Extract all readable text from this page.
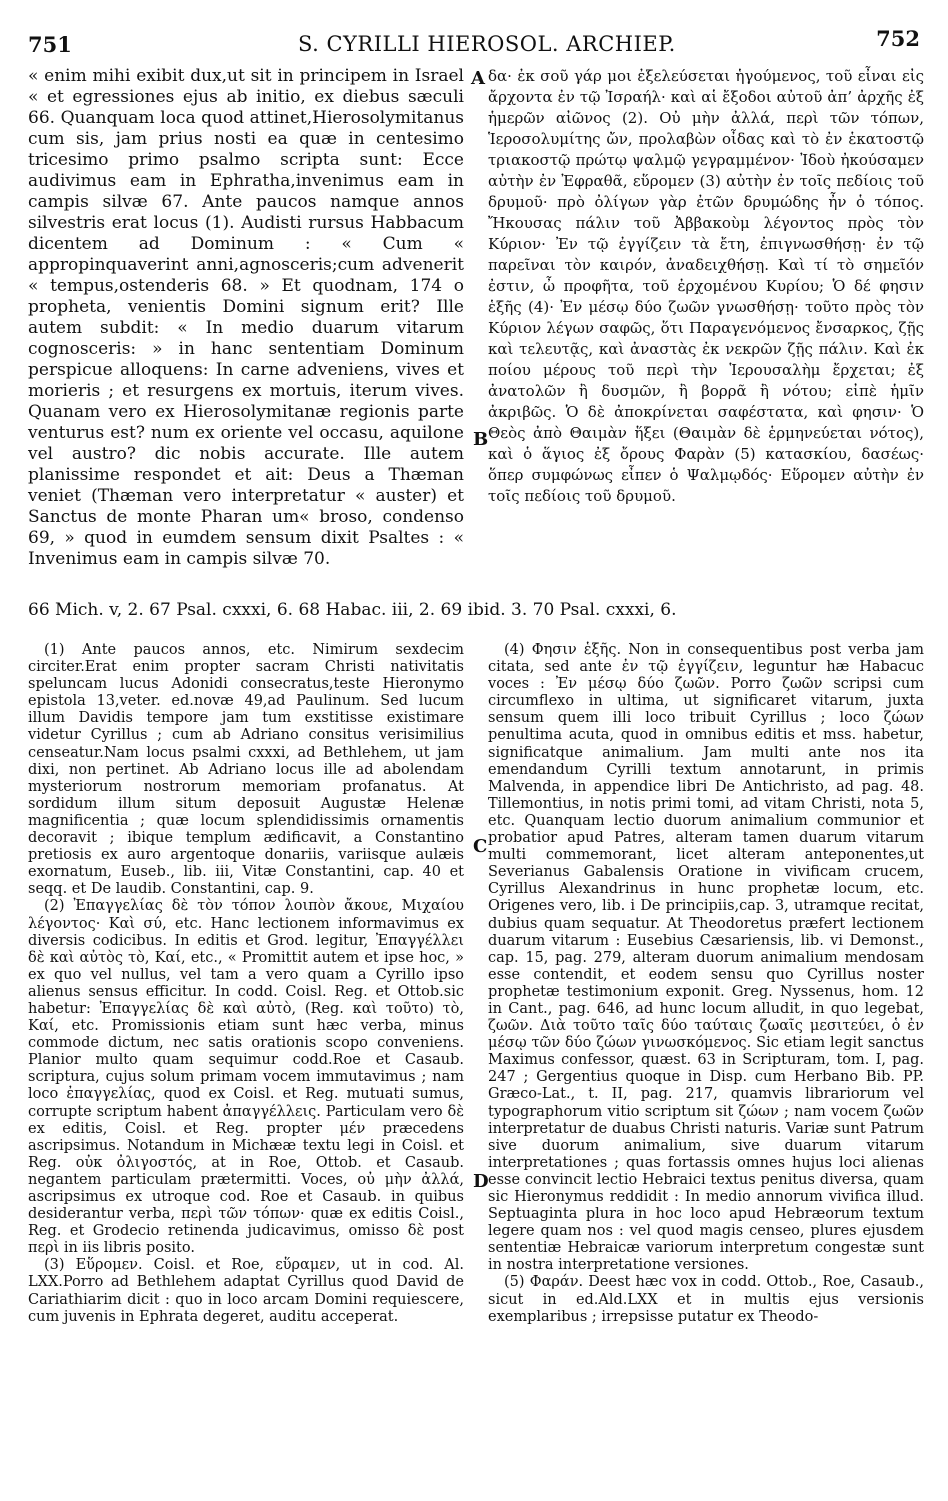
751	S. CYRILLI HIEROSOL. ARCHIEP.	752

« enim mihi exibit dux,ut sit in principem in Israel « et egressiones ejus ab initio, ex diebus sæculi 66. Quanquam loca quod attinet,Hierosolymitanus cum sis, jam prius nosti ea quæ in centesimo tricesimo primo psalmo scripta sunt: Ecce audivimus eam in Ephratha,invenimus eam in campis silvæ 67. Ante paucos namque annos silvestris erat locus (1). Audisti rursus Habbacum dicentem ad Dominum : « Cum « appropinquaverint anni,agnosceris;cum advenerit « tempus,ostenderis 68. » Et quodnam, 174 o propheta, venientis Domini signum erit? Ille autem subdit: « In medio duarum vitarum cognosceris: » in hanc sententiam Dominum perspicue alloquens: In carne adveniens, vives et morieris ; et resurgens ex mortuis, iterum vives. Quanam vero ex Hierosolymitanæ regionis parte venturus est? num ex oriente vel occasu, aquilone vel austro? dic nobis accurate. Ille autem planissime respondet et ait: Deus a Thæman veniet (Thæman vero interpretatur « auster) et Sanctus de monte Pharan um« broso, condenso 69, » quod in eumdem sensum dixit Psaltes : « Invenimus eam in campis silvæ 70.

A
B

δα· ἐκ σοῦ γάρ μοι ἐξελεύσεται ἡγούμενος, τοῦ εἶναι εἰς ἄρχοντα ἐν τῷ Ἰσραήλ· καὶ αἱ ἔξοδοι αὐτοῦ ἀπ’ ἀρχῆς ἐξ ἡμερῶν αἰῶνος (2). Οὐ μὴν ἀλλά, περὶ τῶν τόπων, Ἱεροσολυμίτης ὤν, προλαβὼν οἶδας καὶ τὸ ἐν ἑκατοστῷ τριακοστῷ πρώτῳ ψαλμῷ γεγραμμένον· Ἰδοὺ ἠκούσαμεν αὐτὴν ἐν Ἐφραθᾶ, εὕρομεν (3) αὐτὴν ἐν τοῖς πεδίοις τοῦ δρυμοῦ· πρὸ ὀλίγων γὰρ ἐτῶν δρυμώδης ἦν ὁ τόπος. Ἤκουσας πάλιν τοῦ Ἀββακοὺμ λέγοντος πρὸς τὸν Κύριον· Ἐν τῷ ἐγγίζειν τὰ ἔτη, ἐπιγνωσθήσῃ· ἐν τῷ παρεῖναι τὸν καιρόν, ἀναδειχθήσῃ. Καὶ τί τὸ σημεῖόν ἐστιν, ὦ προφῆτα, τοῦ ἐρχομένου Κυρίου; Ὁ δέ φησιν ἑξῆς (4)· Ἐν μέσῳ δύο ζωῶν γνωσθήσῃ· τοῦτο πρὸς τὸν Κύριον λέγων σαφῶς, ὅτι Παραγενόμενος ἔνσαρκος, ζῇς καὶ τελευτᾷς, καὶ ἀναστὰς ἐκ νεκρῶν ζῇς πάλιν. Καὶ ἐκ ποίου μέρους τοῦ περὶ τὴν Ἱερουσαλὴμ ἔρχεται; ἐξ ἀνατολῶν ἢ δυσμῶν, ἢ βορρᾶ ἢ νότου; εἰπὲ ἡμῖν ἀκριβῶς. Ὁ δὲ ἀποκρίνεται σαφέστατα, καὶ φησιν· Ὁ Θεὸς ἀπὸ Θαιμὰν ἥξει (Θαιμὰν δὲ ἑρμηνεύεται νότος), καὶ ὁ ἅγιος ἐξ ὄρους Φαρὰν (5) κατασκίου, δασέως· ὅπερ συμφώνως εἶπεν ὁ Ψαλμῳδός· Εὕρομεν αὐτὴν ἐν τοῖς πεδίοις τοῦ δρυμοῦ.

66 Mich. v, 2. 67 Psal. cxxxi, 6. 68 Habac. iii, 2. 69 ibid. 3. 70 Psal. cxxxi, 6.

(1) Ante paucos annos, etc. Nimirum sexdecim circiter.Erat enim propter sacram Christi nativitatis speluncam lucus Adonidi consecratus,teste Hieronymo epistola 13,veter. ed.novæ 49,ad Paulinum. Sed lucum illum Davidis tempore jam tum exstitisse existimare videtur Cyrillus ; cum ab Adriano consitus verisimilius censeatur.Nam locus psalmi cxxxi, ad Bethlehem, ut jam dixi, non pertinet. Ab Adriano locus ille ad abolendam mysteriorum nostrorum memoriam profanatus. At sordidum illum situm deposuit Augustæ Helenæ magnificentia ; quæ locum splendidissimis ornamentis decoravit ; ibique templum ædificavit, a Constantino pretiosis ex auro argentoque donariis, variisque aulæis exornatum, Euseb., lib. iii, Vitæ Constantini, cap. 40 et seqq. et De laudib. Constantini, cap. 9.

(2) Ἐπαγγελίας δὲ τὸν τόπον λοιπὸν ἄκουε, Μιχαίου λέγοντος· Καὶ σύ, etc. Hanc lectionem informavimus ex diversis codicibus. In editis et Grod. legitur, Ἐπαγγέλλει δὲ καὶ αὐτὸς τὸ, Καί, etc., « Promittit autem et ipse hoc, » ex quo vel nullus, vel tam a vero quam a Cyrillo ipso alienus sensus efficitur. In codd. Coisl. Reg. et Ottob.sic habetur: Ἐπαγγελίας δὲ καὶ αὐτὸ, (Reg. καὶ τοῦτο) τὸ, Καί, etc. Promissionis etiam sunt hæc verba, minus commode dictum, nec satis orationis scopo conveniens. Planior multo quam sequimur codd.Roe et Casaub. scriptura, cujus solum primam vocem immutavimus ; nam loco ἐπαγγελίας, quod ex Coisl. et Reg. mutuati sumus, corrupte scriptum habent ἀπαγγέλλεις. Particulam vero δὲ ex editis, Coisl. et Reg. propter μέν præcedens ascripsimus. Notandum in Michææ textu legi in Coisl. et Reg. οὐκ ὀλιγοστός, at in Roe, Ottob. et Casaub. negantem particulam prætermitti. Voces, οὐ μὴν ἀλλά, ascripsimus ex utroque cod. Roe et Casaub. in quibus desiderantur verba, περὶ τῶν τόπων· quæ ex editis Coisl., Reg. et Grodecio retinenda judicavimus, omisso δὲ post περὶ in iis libris posito.

(3) Εὕρομεν. Coisl. et Roe, εὕραμεν, ut in cod. Al. LXX.Porro ad Bethlehem adaptat Cyrillus quod David de Cariathiarim dicit : quo in loco arcam Domini requiescere, cum juvenis in Ephrata degeret, auditu acceperat.

C
D

(4) Φησιν ἑξῆς. Non in consequentibus post verba jam citata, sed ante ἐν τῷ ἐγγίζειν, leguntur hæ Habacuc voces : Ἐν μέσῳ δύο ζωῶν. Porro ζωῶν scripsi cum circumflexo in ultima, ut significaret vitarum, juxta sensum quem illi loco tribuit Cyrillus ; loco ζώων penultima acuta, quod in omnibus editis et mss. habetur, significatque animalium. Jam multi ante nos ita emendandum Cyrilli textum annotarunt, in primis Malvenda, in appendice libri De Antichristo, ad pag. 48. Tillemontius, in notis primi tomi, ad vitam Christi, nota 5, etc. Quanquam lectio duorum animalium communior et probatior apud Patres, alteram tamen duarum vitarum multi commemorant, licet alteram anteponentes,ut Severianus Gabalensis Oratione in vivificam crucem, Cyrillus Alexandrinus in hunc prophetæ locum, etc. Origenes vero, lib. i De principiis,cap. 3, utramque recitat, dubius quam sequatur. At Theodoretus præfert lectionem duarum vitarum : Eusebius Cæsariensis, lib. vi Demonst., cap. 15, pag. 279, alteram duorum animalium mendosam esse contendit, et eodem sensu quo Cyrillus noster prophetæ testimonium exponit. Greg. Nyssenus, hom. 12 in Cant., pag. 646, ad hunc locum alludit, in quo legebat, ζωῶν. Διὰ τοῦτο ταῖς δύο ταύταις ζωαῖς μεσιτεύει, ὁ ἐν μέσῳ τῶν δύο ζώων γινωσκόμενος. Sic etiam legit sanctus Maximus confessor, quæst. 63 in Scripturam, tom. I, pag. 247 ; Gergentius quoque in Disp. cum Herbano Bib. PP. Græco-Lat., t. II, pag. 217, quamvis librariorum vel typographorum vitio scriptum sit ζώων ; nam vocem ζωῶν interpretatur de duabus Christi naturis. Variæ sunt Patrum sive duorum animalium, sive duarum vitarum interpretationes ; quas fortassis omnes hujus loci alienas esse convincit lectio Hebraici textus penitus diversa, quam sic Hieronymus reddidit : In medio annorum vivifica illud. Septuaginta plura in hoc loco apud Hebræorum textum legere quam nos : vel quod magis censeo, plures ejusdem sententiæ Hebraicæ variorum interpretum congestæ sunt in nostra interpretatione versiones.

(5) Φαράν. Deest hæc vox in codd. Ottob., Roe, Casaub., sicut in ed.Ald.LXX et in multis ejus versionis exemplaribus ; irrepsisse putatur ex Theodo-
